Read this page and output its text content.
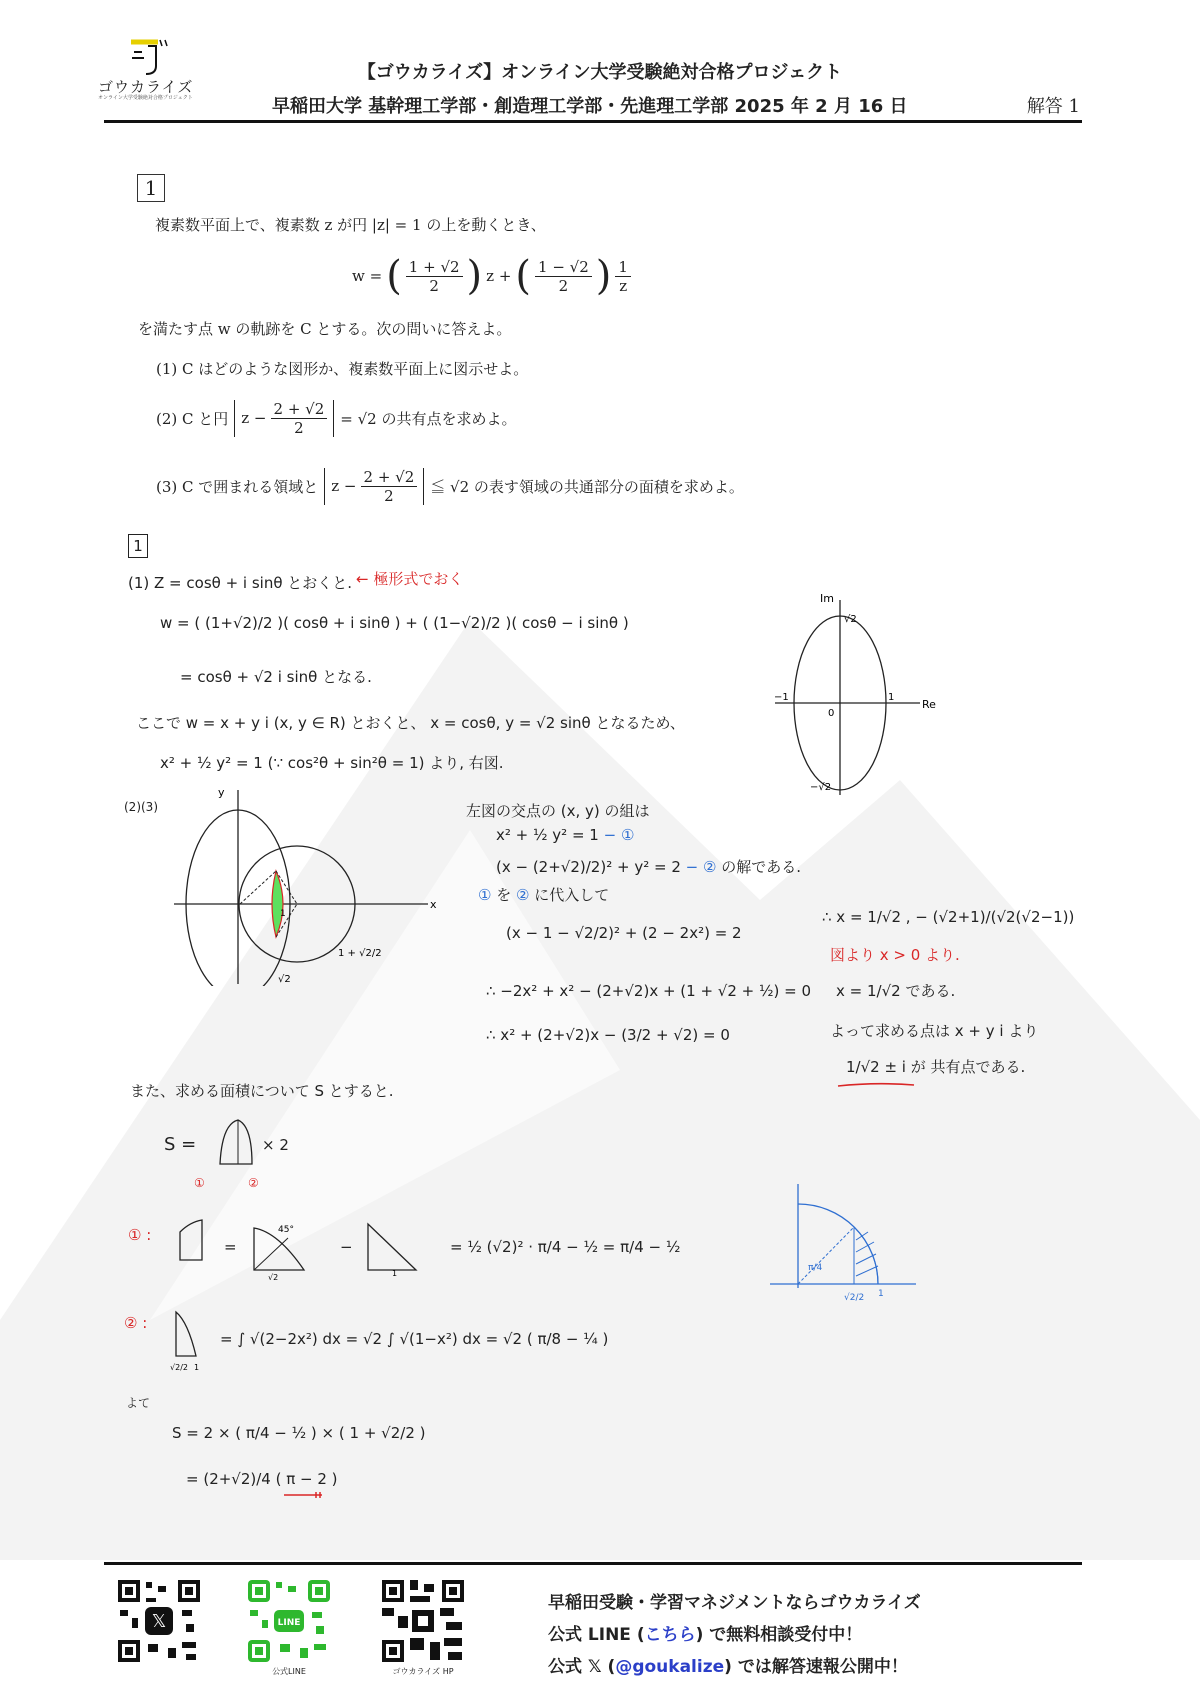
ゴウカライズ
オンライン大学受験絶対合格プロジェクト
【ゴウカライズ】オンライン大学受験絶対合格プロジェクト
早稲田大学 基幹理工学部・創造理工学部・先進理工学部 2025 年 2 月 16 日	解答 1
1
複素数平面上で、複素数 z が円 |z| = 1 の上を動くとき、
w = ( $\frac{1 + √2}{2}$ ) z + ( $\frac{1 - √2}{2}$ ) $\frac{1}{z}$
を満たす点 w の軌跡を C とする。次の問いに答えよ。
(1) C はどのような図形か、複素数平面上に図示せよ。
(2) C と円 $z - \frac{2 + √2}{2} = √2$ の共有点を求めよ。
(3) C で囲まれる領域と $z - \frac{2 + √2}{2}$ ≦ √2 の表す領域の共通部分の面積を求めよ。
1
(1) Z = cosθ + i sinθ とおくと. ← 極形式でおく
w = ( (1+√2)/2 )( cosθ + i sinθ ) + ( (1−√2)/2 )( cosθ − i sinθ )
= cosθ + √2 i sinθ となる.
ここで w = x + y i (x, y ∈ R) とおくと、 x = cosθ, y = √2 sinθ となるため、
x² + ½ y² = 1 (∵ cos²θ + sin²θ = 1) より, 右図.
Im
Re
√2
−√2
−1	1
0
(2)(3)
y
x
1
√2
1 + √2/2
左図の交点の (x, y) の組は
x² + ½ y² = 1 − ①
(x − (2+√2)/2)² + y² = 2 − ② の解である.
① を ② に代入して
(x − 1 − √2/2)² + (2 − 2x²) = 2
∴ −2x² + x² − (2+√2)x + (1 + √2 + ½) = 0
∴ x² + (2+√2)x − (3/2 + √2) = 0
∴ x = 1/√2 , − (√2+1)/(√2(√2−1))
図より x > 0 より.
x = 1/√2 である.
よって求める点は x + y i より
1/√2 ± i が 共有点である.
また、求める面積について S とすると.
S =	× 2
①	②
① :
=
45°
√2
−
1
= ½ (√2)² · π/4 − ½ = π/4 − ½
π/4
√2/2 1
② :
√2/2 1
= ∫ √(2−2x²) dx = √2 ∫ √(1−x²) dx = √2 ( π/8 − ¼ )
よて
S = 2 × ( π/4 − ½ ) × ( 1 + √2/2 )
= (2+√2)/4 ( π − 2 )
𝕏	LINE
公式LINE	ゴウカライズ HP
早稲田受験・学習マネジメントならゴウカライズ
公式 LINE (こちら) で無料相談受付中！
公式 𝕏 (@goukalize) では解答速報公開中！
